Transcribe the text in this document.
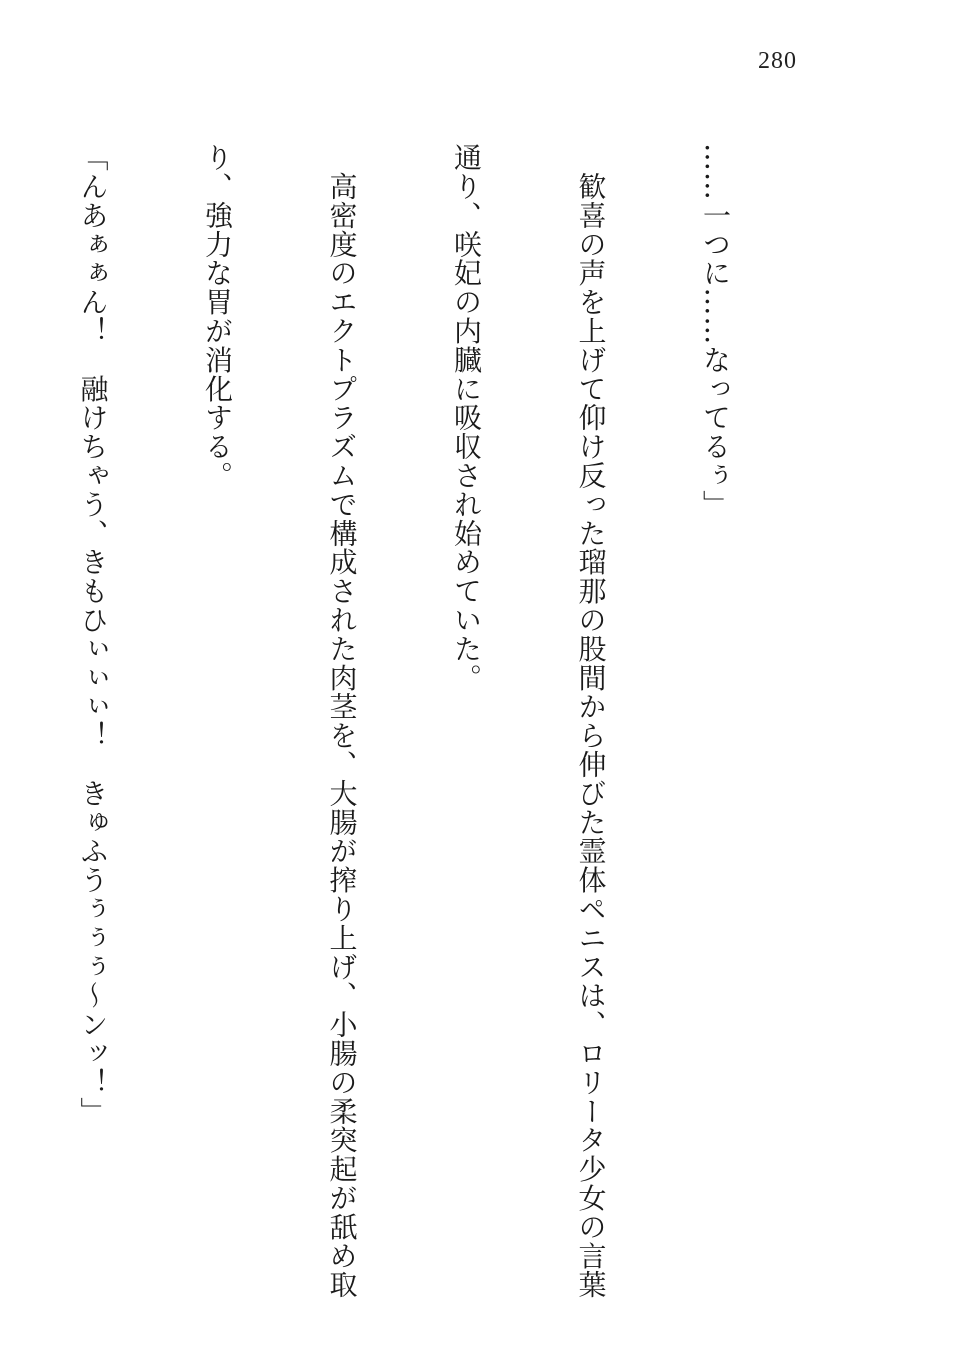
280

……一つに……なってるぅ」

　歓喜の声を上げて仰け反った瑠那の股間から伸びた霊体ペニスは、ロリータ少女の言葉

通り、咲妃の内臓に吸収され始めていた。

　高密度のエクトプラズムで構成された肉茎を、大腸が搾り上げ、小腸の柔突起が舐め取

り、強力な胃が消化する。

「んあぁぁん！　融けちゃう、きもひぃぃぃ！　きゅふうぅぅぅ〜ンッ！」
